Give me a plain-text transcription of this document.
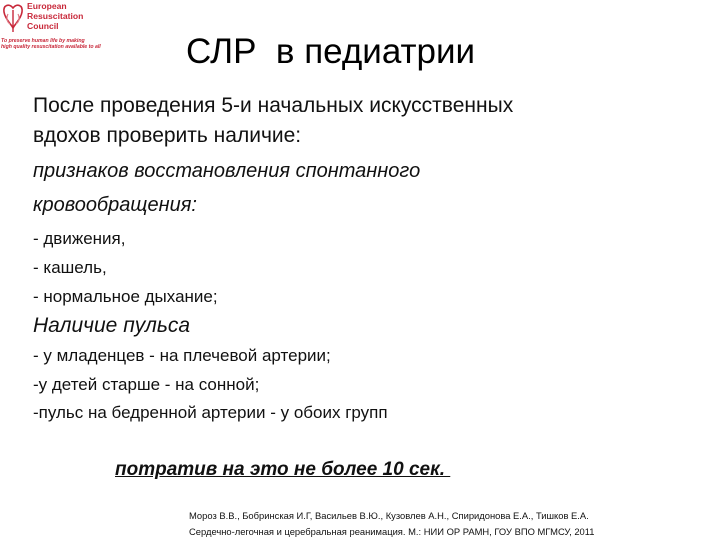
European
Resuscitation
Council
To preserve human life by making
high quality resuscitation available to all	СЛР  в педиатрии
После проведения 5-и начальных искусственных
вдохов проверить наличие:
признаков восстановления спонтанного
кровообращения:
- движения,
- кашель,
- нормальное дыхание;
Наличие пульса
- у младенцев - на плечевой артерии;
-у детей старше - на сонной;
-пульс на бедренной артерии - у обоих групп
потратив на это не более 10 сек.
Мороз В.В., Бобринская И.Г, Васильев В.Ю., Кузовлев А.Н., Спиридонова Е.А., Тишков Е.А.
Сердечно-легочная и церебральная реанимация. М.: НИИ ОР РАМН, ГОУ ВПО МГМСУ, 2011
